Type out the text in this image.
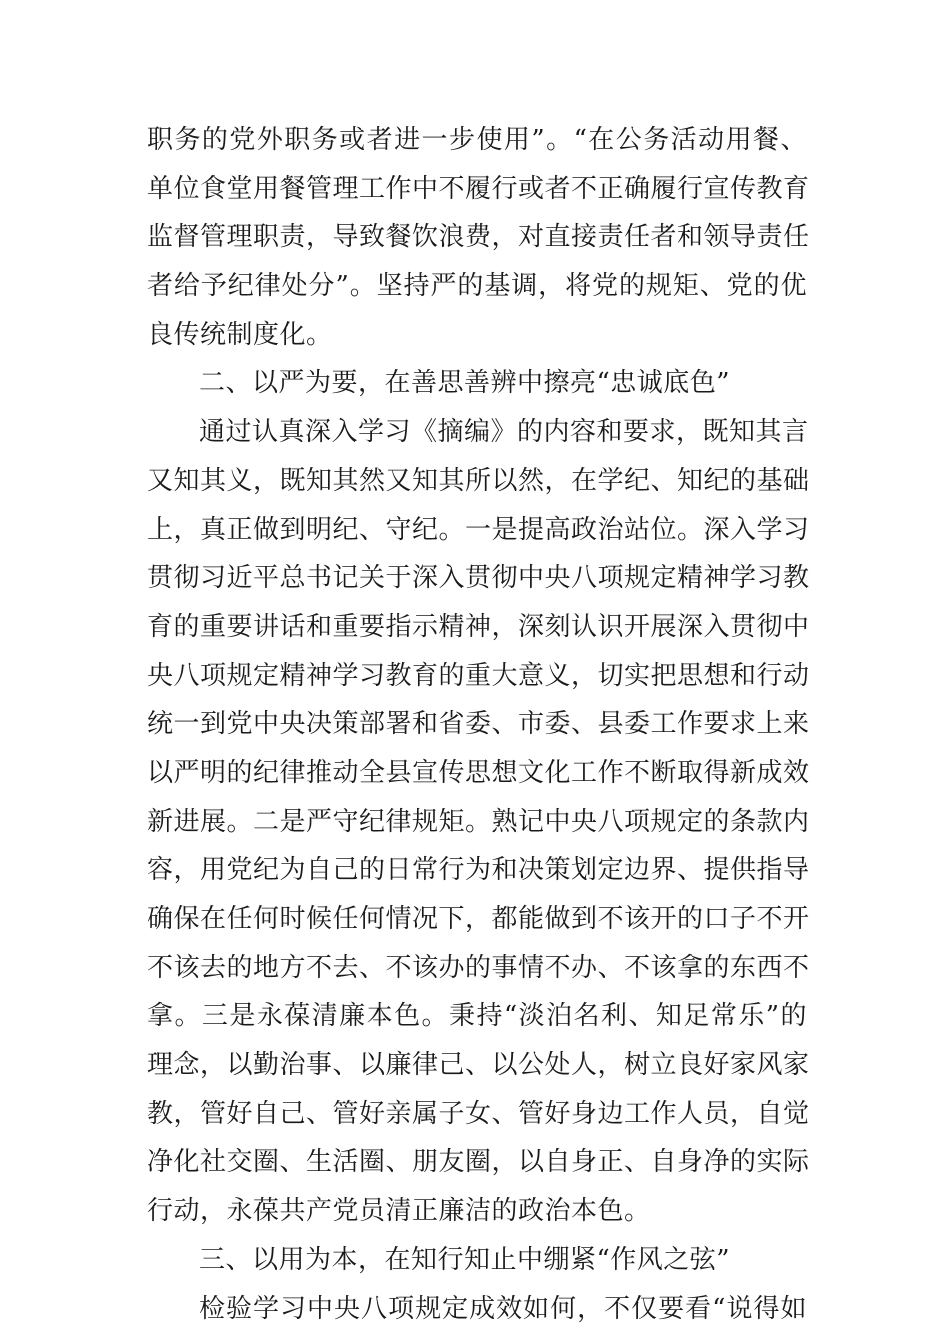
职务的党外职务或者进一步使用”。“在公务活动用餐、
单位食堂用餐管理工作中不履行或者不正确履行宣传教育
监督管理职责，导致餐饮浪费，对直接责任者和领导责任
者给予纪律处分”。坚持严的基调，将党的规矩、党的优
良传统制度化。
二、以严为要，在善思善辨中擦亮“忠诚底色”
通过认真深入学习《摘编》的内容和要求，既知其言
又知其义，既知其然又知其所以然，在学纪、知纪的基础
上，真正做到明纪、守纪。一是提高政治站位。深入学习
贯彻习近平总书记关于深入贯彻中央八项规定精神学习教
育的重要讲话和重要指示精神，深刻认识开展深入贯彻中
央八项规定精神学习教育的重大意义，切实把思想和行动
统一到党中央决策部署和省委、市委、县委工作要求上来
以严明的纪律推动全县宣传思想文化工作不断取得新成效
新进展。二是严守纪律规矩。熟记中央八项规定的条款内
容，用党纪为自己的日常行为和决策划定边界、提供指导
确保在任何时候任何情况下，都能做到不该开的口子不开
不该去的地方不去、不该办的事情不办、不该拿的东西不
拿。三是永葆清廉本色。秉持“淡泊名利、知足常乐”的
理念，以勤治事、以廉律己、以公处人，树立良好家风家
教，管好自己、管好亲属子女、管好身边工作人员，自觉
净化社交圈、生活圈、朋友圈，以自身正、自身净的实际
行动，永葆共产党员清正廉洁的政治本色。
三、以用为本，在知行知止中绷紧“作风之弦”
检验学习中央八项规定成效如何，不仅要看“说得如
